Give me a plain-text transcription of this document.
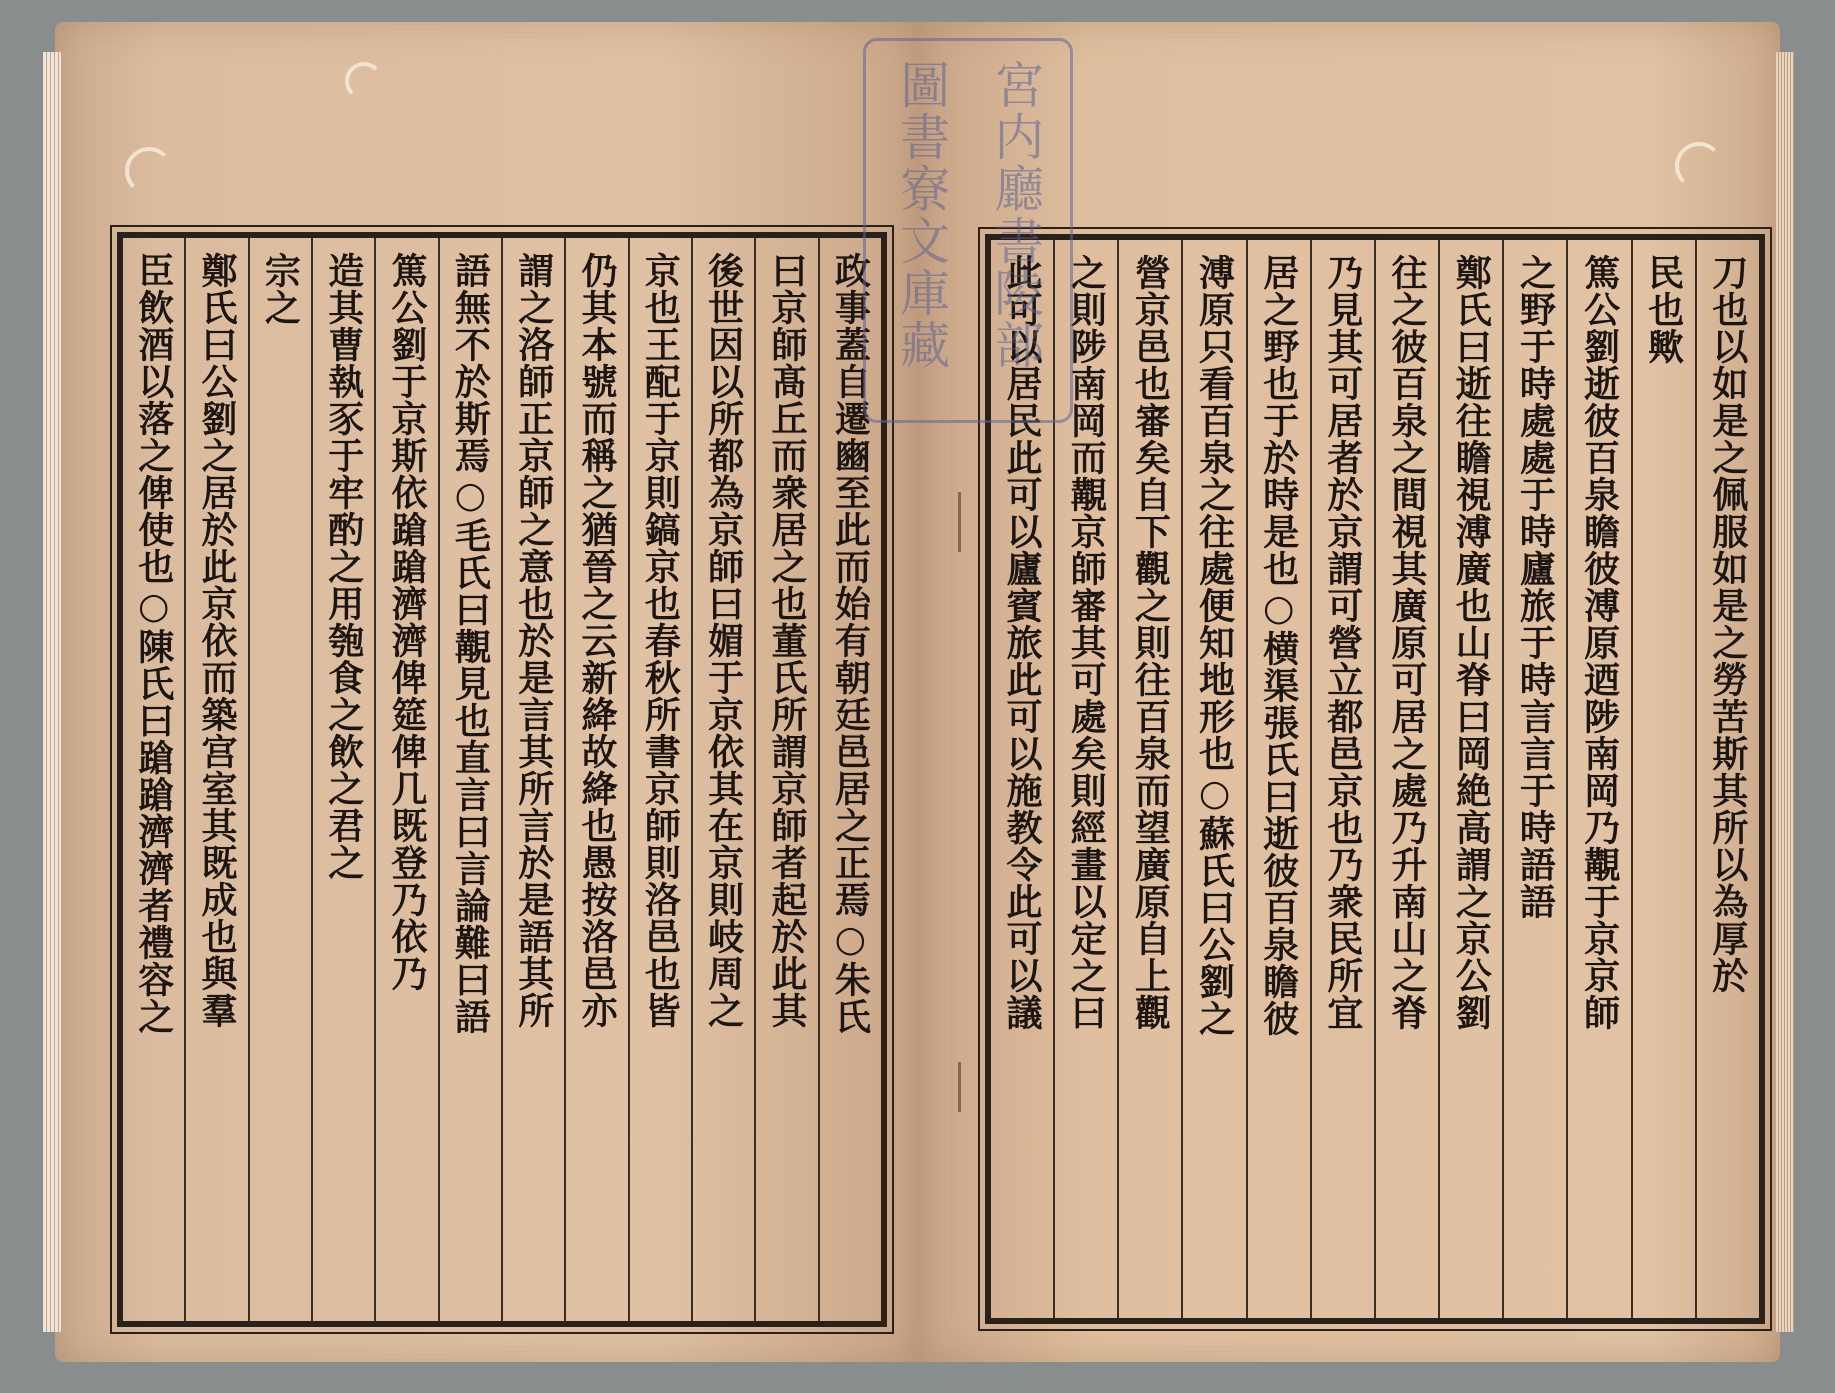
政事蓋自遷豳至此而始有朝廷邑居之正焉○朱氏
曰京師髙丘而衆居之也董氏所謂京師者起於此其
後世因以所都為京師曰媚于京依其在京則岐周之
京也王配于京則鎬京也春秋所書京師則洛邑也皆
仍其本號而稱之猶晉之云新絳故絳也愚按洛邑亦
謂之洛師正京師之意也於是言其所言於是語其所
語無不於斯焉○毛氏曰覯見也直言曰言論難曰語
篤公劉于京斯依蹌蹌濟濟俾筵俾几既登乃依乃
造其曹執豕于牢酌之用匏食之飲之君之
宗之
鄭氏曰公劉之居於此京依而築宫室其既成也與羣
臣飲酒以落之俾使也○陳氏曰蹌蹌濟濟者禮容之	刀也以如是之佩服如是之勞苦斯其所以為厚於
民也歟
篤公劉逝彼百泉瞻彼溥原迺陟南岡乃覯于京京師
之野于時處處于時廬旅于時言言于時語語
鄭氏曰逝往瞻視溥廣也山脊曰岡絶高謂之京公劉
往之彼百泉之間視其廣原可居之處乃升南山之脊
乃見其可居者於京謂可營立都邑京也乃衆民所宜
居之野也于於時是也○横渠張氏曰逝彼百泉瞻彼
溥原只看百泉之往處便知地形也○蘇氏曰公劉之
營京邑也審矣自下觀之則往百泉而望廣原自上觀
之則陟南岡而覯京師審其可處矣則經畫以定之曰
此可以居民此可以廬賓旅此可以施教令此可以議
宮内廳書陵部
圖書寮文庫藏
